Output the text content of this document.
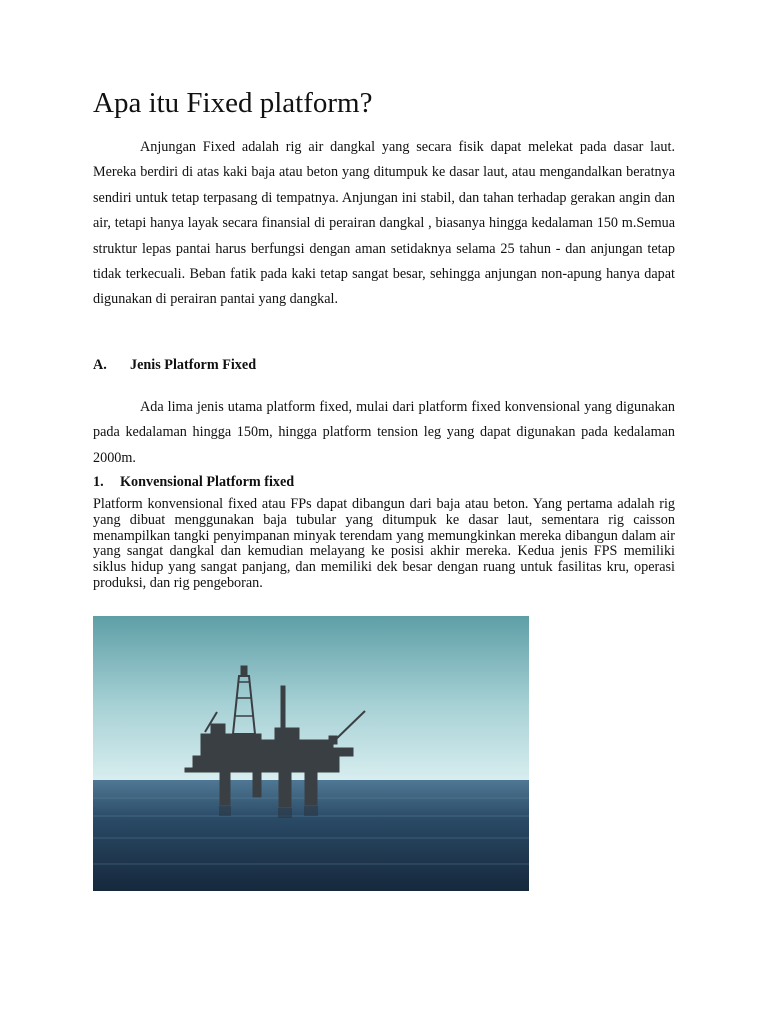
Apa itu Fixed platform?

Anjungan Fixed adalah rig air dangkal yang secara fisik dapat melekat pada dasar laut. Mereka berdiri di atas kaki baja atau beton yang ditumpuk ke dasar laut, atau mengandalkan beratnya sendiri untuk tetap terpasang di tempatnya. Anjungan ini stabil, dan tahan terhadap gerakan angin dan air, tetapi hanya layak secara finansial di perairan dangkal , biasanya hingga kedalaman 150 m.Semua struktur lepas pantai harus berfungsi dengan aman setidaknya selama 25 tahun - dan anjungan tetap tidak terkecuali. Beban fatik pada kaki tetap sangat besar, sehingga anjungan non-apung hanya dapat digunakan di perairan pantai yang dangkal.

A. Jenis Platform Fixed

Ada lima jenis utama platform fixed, mulai dari platform fixed konvensional yang digunakan pada kedalaman hingga 150m, hingga platform tension leg yang dapat digunakan pada kedalaman 2000m.

1. Konvensional Platform fixed

Platform konvensional fixed atau FPs dapat dibangun dari baja atau beton. Yang pertama adalah rig yang dibuat menggunakan baja tubular yang ditumpuk ke dasar laut, sementara rig caisson menampilkan tangki penyimpanan minyak terendam yang memungkinkan mereka dibangun dalam air yang sangat dangkal dan kemudian melayang ke posisi akhir mereka. Kedua jenis FPS memiliki siklus hidup yang sangat panjang, dan memiliki dek besar dengan ruang untuk fasilitas kru, operasi produksi, dan rig pengeboran.
